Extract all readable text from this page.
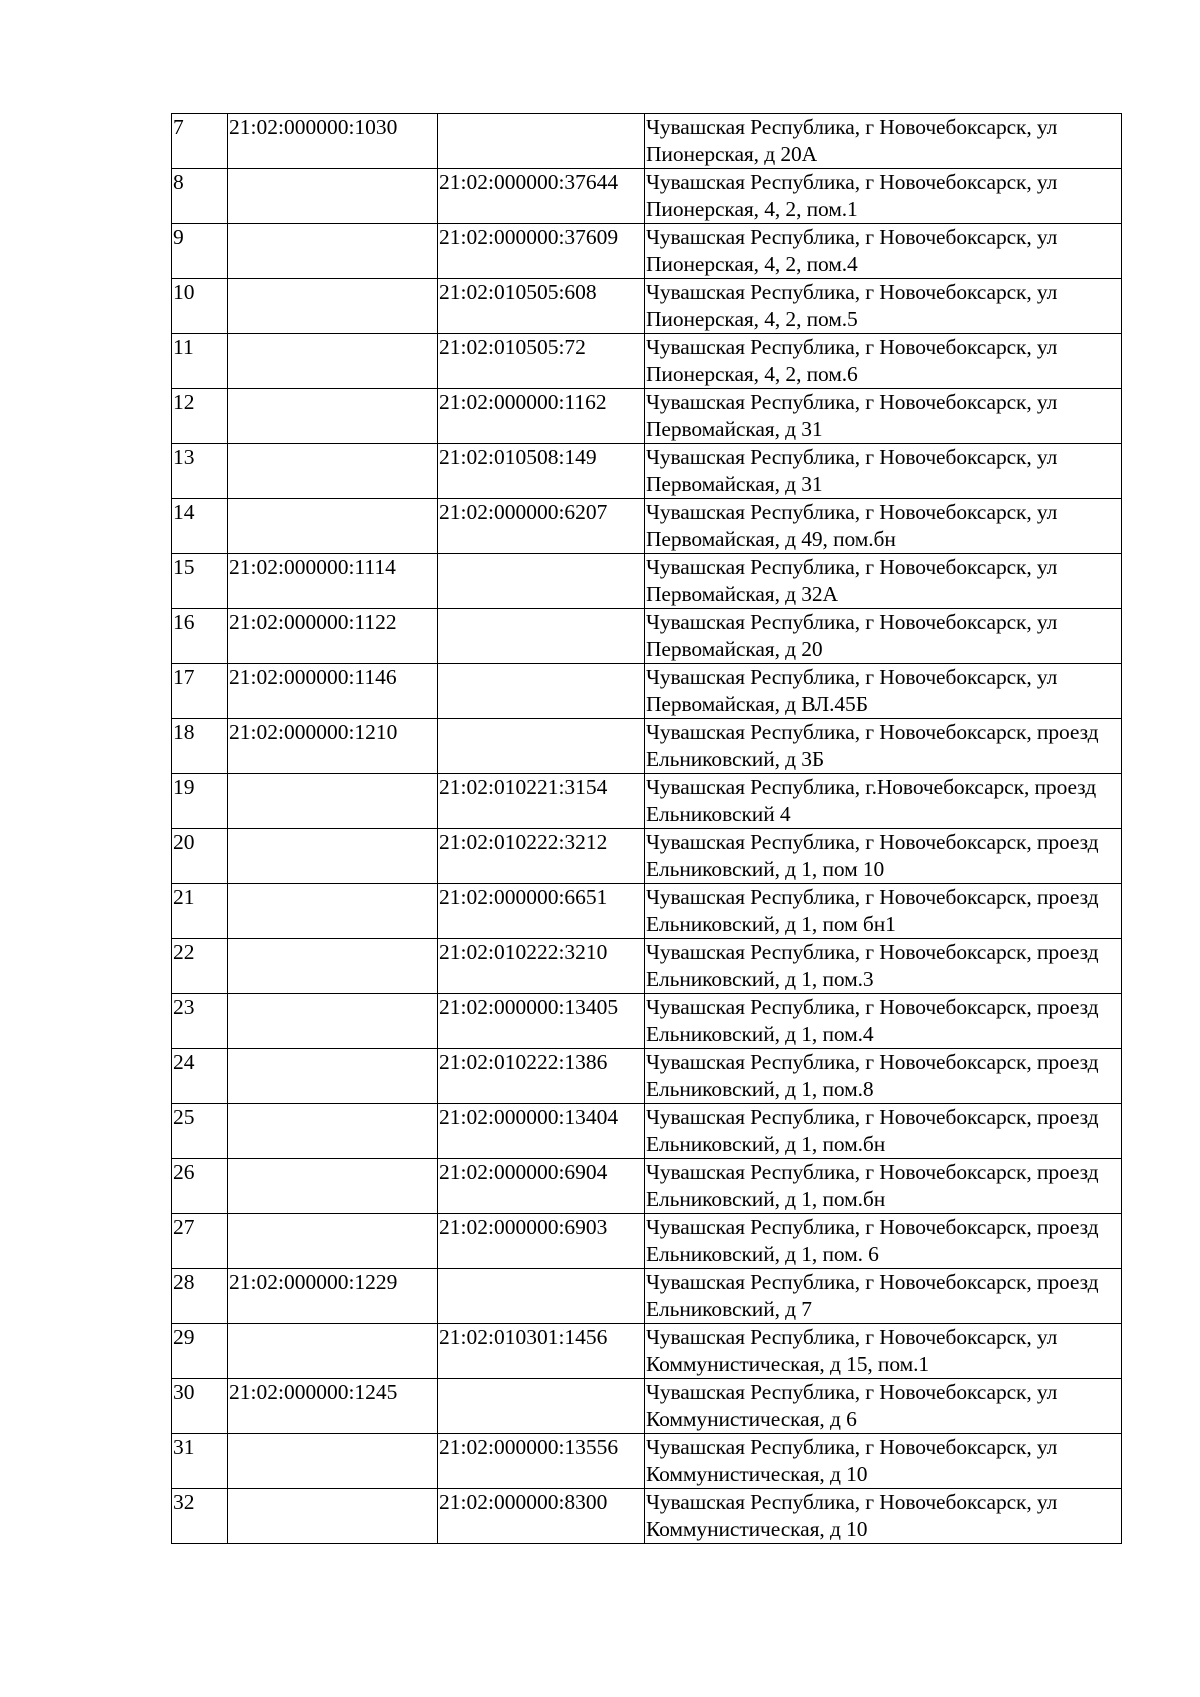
7	21:02:000000:1030		Чувашская Республика, г Новочебоксарск, ул Пионерская, д 20А
8		21:02:000000:37644	Чувашская Республика, г Новочебоксарск, ул Пионерская, 4, 2, пом.1
9		21:02:000000:37609	Чувашская Республика, г Новочебоксарск, ул Пионерская, 4, 2, пом.4
10		21:02:010505:608	Чувашская Республика, г Новочебоксарск, ул Пионерская, 4, 2, пом.5
11		21:02:010505:72	Чувашская Республика, г Новочебоксарск, ул Пионерская, 4, 2, пом.6
12		21:02:000000:1162	Чувашская Республика, г Новочебоксарск, ул Первомайская, д 31
13		21:02:010508:149	Чувашская Республика, г Новочебоксарск, ул Первомайская, д 31
14		21:02:000000:6207	Чувашская Республика, г Новочебоксарск, ул Первомайская, д 49, пом.бн
15	21:02:000000:1114		Чувашская Республика, г Новочебоксарск, ул Первомайская, д 32А
16	21:02:000000:1122		Чувашская Республика, г Новочебоксарск, ул Первомайская, д 20
17	21:02:000000:1146		Чувашская Республика, г Новочебоксарск, ул Первомайская, д ВЛ.45Б
18	21:02:000000:1210		Чувашская Республика, г Новочебоксарск, проезд Ельниковский, д 3Б
19		21:02:010221:3154	Чувашская Республика, г.Новочебоксарск, проезд Ельниковский 4
20		21:02:010222:3212	Чувашская Республика, г Новочебоксарск, проезд Ельниковский, д 1, пом 10
21		21:02:000000:6651	Чувашская Республика, г Новочебоксарск, проезд Ельниковский, д 1, пом бн1
22		21:02:010222:3210	Чувашская Республика, г Новочебоксарск, проезд Ельниковский, д 1, пом.3
23		21:02:000000:13405	Чувашская Республика, г Новочебоксарск, проезд Ельниковский, д 1, пом.4
24		21:02:010222:1386	Чувашская Республика, г Новочебоксарск, проезд Ельниковский, д 1, пом.8
25		21:02:000000:13404	Чувашская Республика, г Новочебоксарск, проезд Ельниковский, д 1, пом.бн
26		21:02:000000:6904	Чувашская Республика, г Новочебоксарск, проезд Ельниковский, д 1, пом.бн
27		21:02:000000:6903	Чувашская Республика, г Новочебоксарск, проезд Ельниковский, д 1, пом. 6
28	21:02:000000:1229		Чувашская Республика, г Новочебоксарск, проезд Ельниковский, д 7
29		21:02:010301:1456	Чувашская Республика, г Новочебоксарск, ул Коммунистическая, д 15, пом.1
30	21:02:000000:1245		Чувашская Республика, г Новочебоксарск, ул Коммунистическая, д 6
31		21:02:000000:13556	Чувашская Республика, г Новочебоксарск, ул Коммунистическая, д 10
32		21:02:000000:8300	Чувашская Республика, г Новочебоксарск, ул Коммунистическая, д 10
